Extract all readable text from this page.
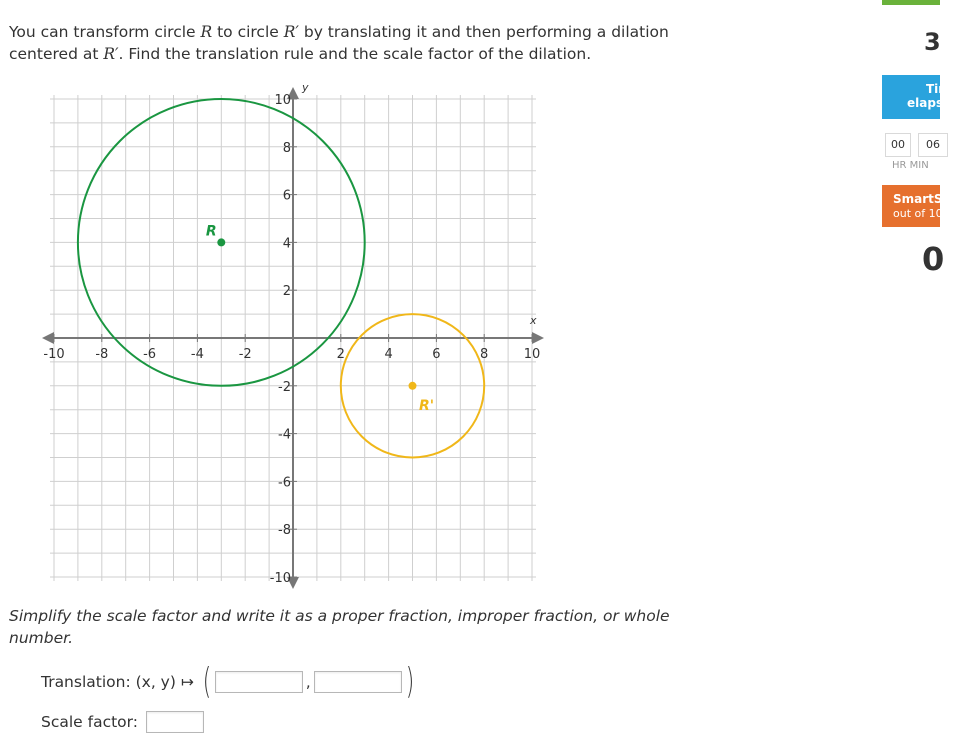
You can transform circle R to circle R′ by translating it and then performing a dilation centered at R′. Find the translation rule and the scale factor of the dilation.

x
y
-10 -8	-6	-4	-2	2	4	6	8	10
10
8
6
4
2
-2
-4
-6
-8
-10
R
R'

Simplify the scale factor and write it as a proper fraction, improper fraction, or whole number.

Translation: (x, y) ↦ (	,	)
Scale factor:
3
Time
elapsed
00	06
HR MIN
SmartScore
out of 100
0
